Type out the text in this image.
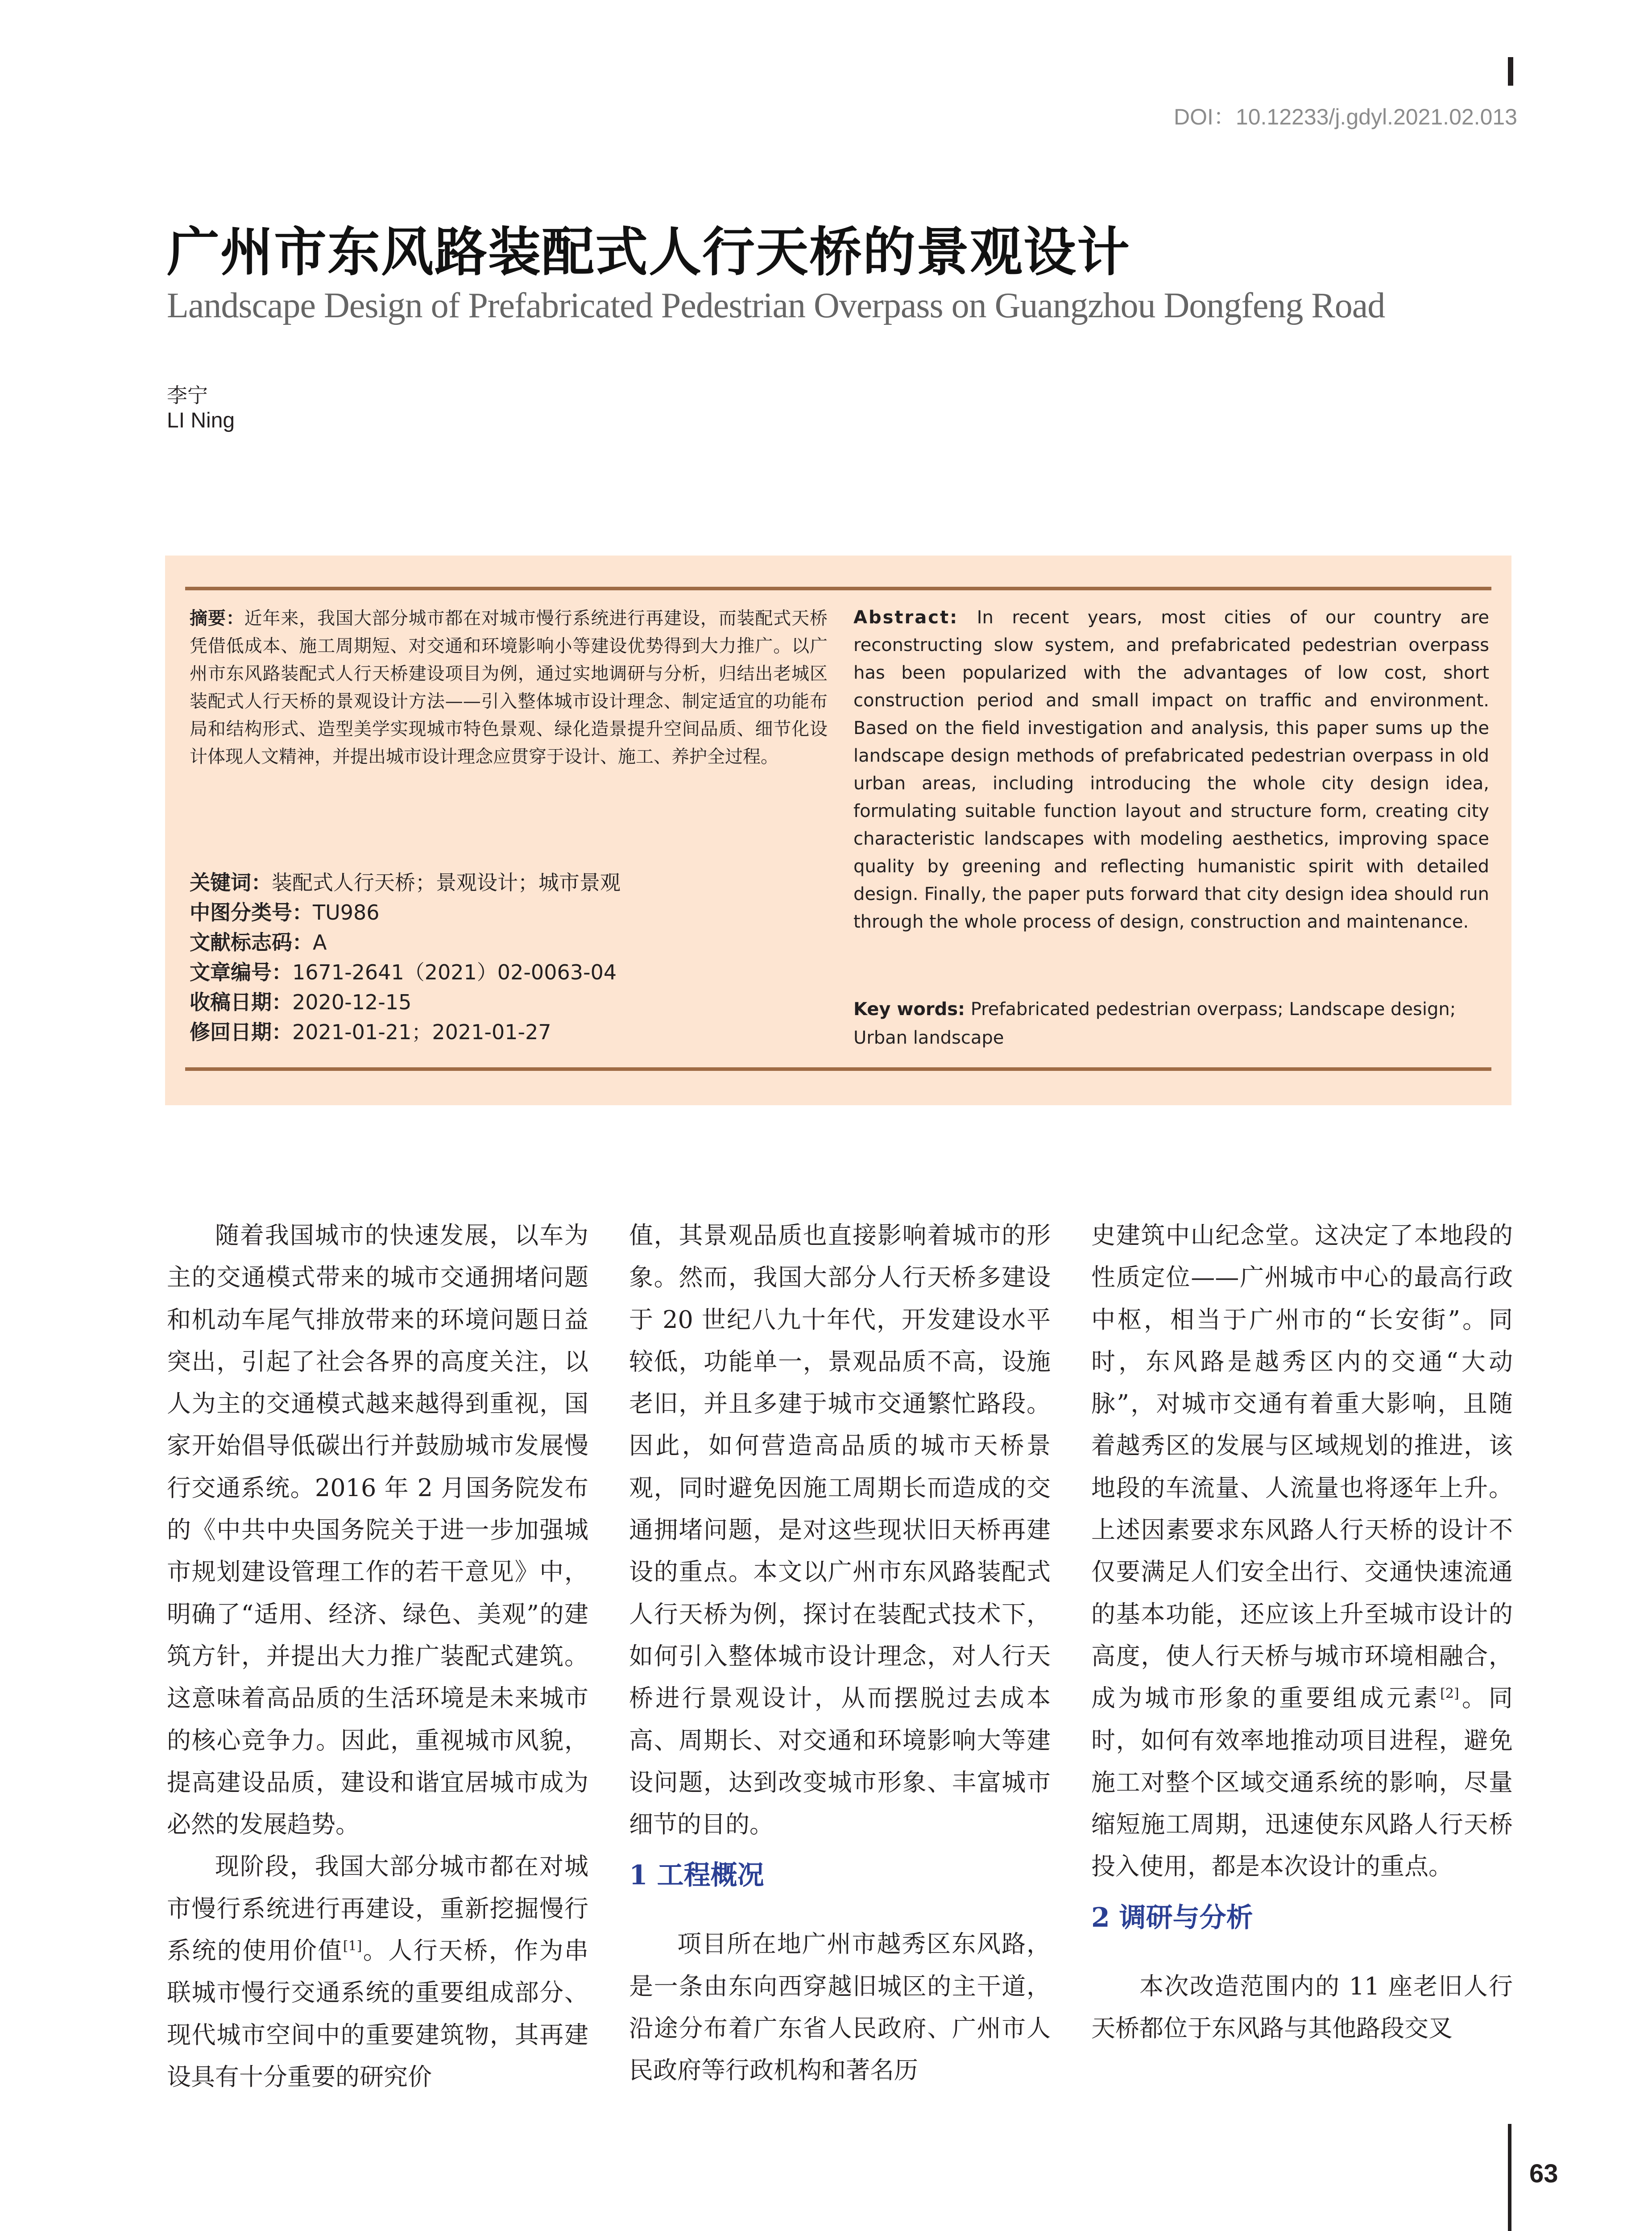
DOI：10.12233/j.gdyl.2021.02.013
广州市东风路装配式人行天桥的景观设计
Landscape Design of Prefabricated Pedestrian Overpass on Guangzhou Dongfeng Road
李宁
LI Ning
摘要：近年来，我国大部分城市都在对城市慢行系统进行再建设，而装配式天桥凭借低成本、施工周期短、对交通和环境影响小等建设优势得到大力推广。以广州市东风路装配式人行天桥建设项目为例，通过实地调研与分析，归结出老城区装配式人行天桥的景观设计方法——引入整体城市设计理念、制定适宜的功能布局和结构形式、造型美学实现城市特色景观、绿化造景提升空间品质、细节化设计体现人文精神，并提出城市设计理念应贯穿于设计、施工、养护全过程。
关键词：装配式人行天桥；景观设计；城市景观
中图分类号：TU986
文献标志码：A
文章编号：1671-2641（2021）02-0063-04
收稿日期：2020-12-15
修回日期：2021-01-21；2021-01-27
Abstract: In recent years, most cities of our country are reconstructing slow system, and prefabricated pedestrian overpass has been popularized with the advantages of low cost, short construction period and small impact on traffic and environment. Based on the field investigation and analysis, this paper sums up the landscape design methods of prefabricated pedestrian overpass in old urban areas, including introducing the whole city design idea, formulating suitable function layout and structure form, creating city characteristic landscapes with modeling aesthetics, improving space quality by greening and reflecting humanistic spirit with detailed design. Finally, the paper puts forward that city design idea should run through the whole process of design, construction and maintenance.
Key words: Prefabricated pedestrian overpass; Landscape design; Urban landscape

随着我国城市的快速发展，以车为主的交通模式带来的城市交通拥堵问题和机动车尾气排放带来的环境问题日益突出，引起了社会各界的高度关注，以人为主的交通模式越来越得到重视，国家开始倡导低碳出行并鼓励城市发展慢行交通系统。2016 年 2 月国务院发布的《中共中央国务院关于进一步加强城市规划建设管理工作的若干意见》中，明确了“适用、经济、绿色、美观”的建筑方针，并提出大力推广装配式建筑。这意味着高品质的生活环境是未来城市的核心竞争力。因此，重视城市风貌，提高建设品质，建设和谐宜居城市成为必然的发展趋势。

现阶段，我国大部分城市都在对城市慢行系统进行再建设，重新挖掘慢行系统的使用价值[1]。人行天桥，作为串联城市慢行交通系统的重要组成部分、现代城市空间中的重要建筑物，其再建设具有十分重要的研究价

值，其景观品质也直接影响着城市的形象。然而，我国大部分人行天桥多建设于 20 世纪八九十年代，开发建设水平较低，功能单一，景观品质不高，设施老旧，并且多建于城市交通繁忙路段。因此，如何营造高品质的城市天桥景观，同时避免因施工周期长而造成的交通拥堵问题，是对这些现状旧天桥再建设的重点。本文以广州市东风路装配式人行天桥为例，探讨在装配式技术下，如何引入整体城市设计理念，对人行天桥进行景观设计，从而摆脱过去成本高、周期长、对交通和环境影响大等建设问题，达到改变城市形象、丰富城市细节的目的。

1 工程概况

项目所在地广州市越秀区东风路，是一条由东向西穿越旧城区的主干道，沿途分布着广东省人民政府、广州市人民政府等行政机构和著名历

史建筑中山纪念堂。这决定了本地段的性质定位——广州城市中心的最高行政中枢，相当于广州市的“长安街”。同时，东风路是越秀区内的交通“大动脉”，对城市交通有着重大影响，且随着越秀区的发展与区域规划的推进，该地段的车流量、人流量也将逐年上升。上述因素要求东风路人行天桥的设计不仅要满足人们安全出行、交通快速流通的基本功能，还应该上升至城市设计的高度，使人行天桥与城市环境相融合，成为城市形象的重要组成元素[2]。同时，如何有效率地推动项目进程，避免施工对整个区域交通系统的影响，尽量缩短施工周期，迅速使东风路人行天桥投入使用，都是本次设计的重点。

2 调研与分析

本次改造范围内的 11 座老旧人行天桥都位于东风路与其他路段交叉

63
